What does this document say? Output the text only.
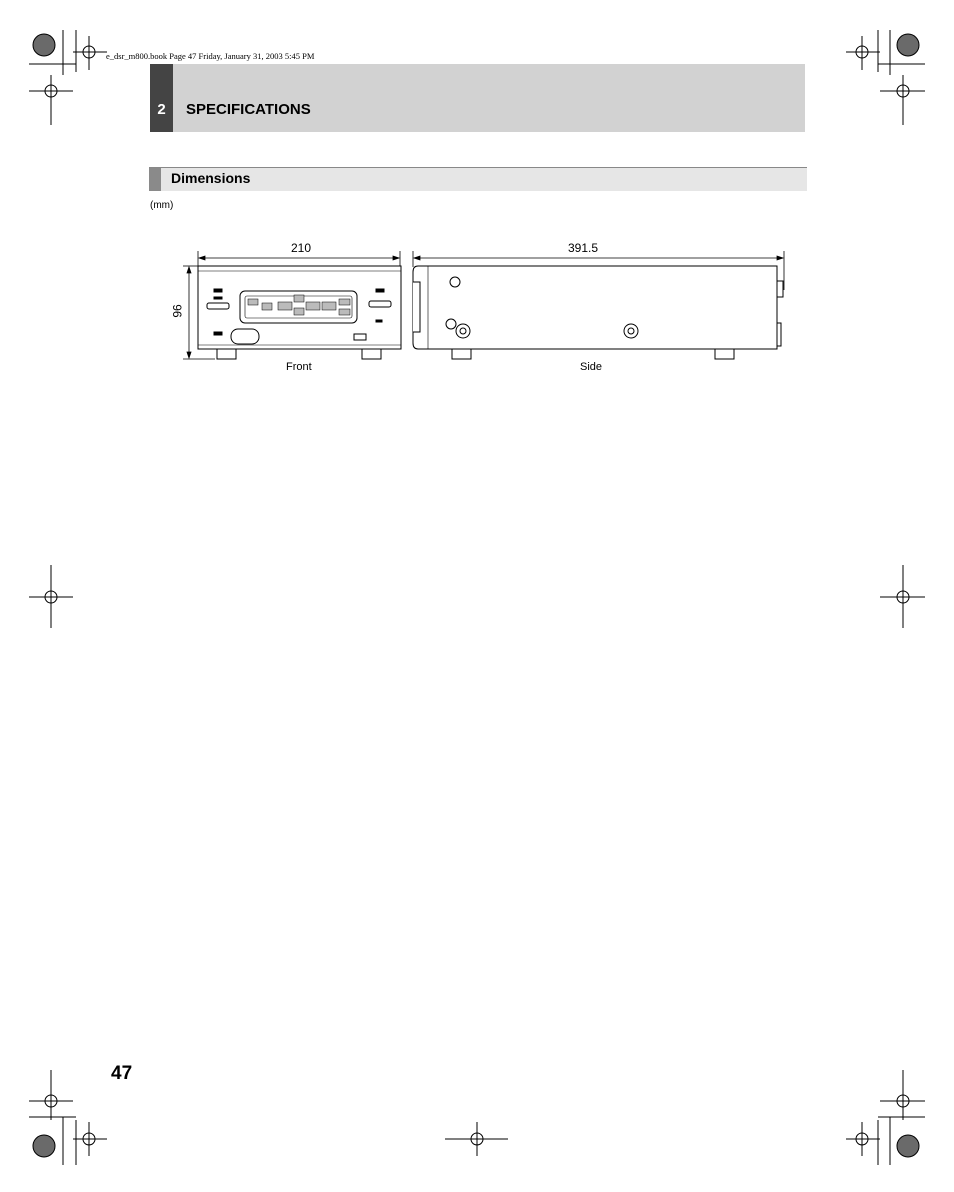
e_dsr_m800.book Page 47 Friday, January 31, 2003 5:45 PM
2	SPECIFICATIONS
Dimensions
(mm)
210	391.5
96
Front	Side
47
